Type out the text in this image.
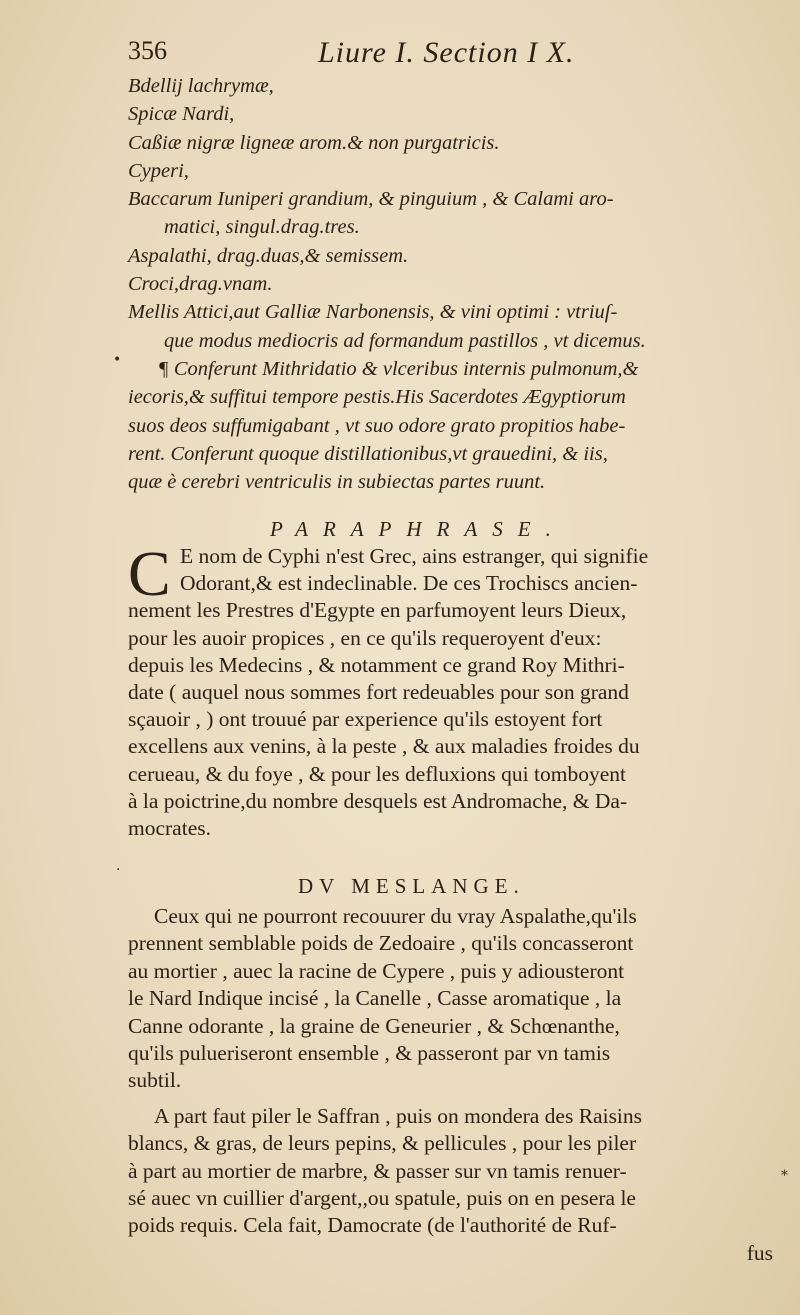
356	Liure I. Section I X.
Bdellij lachrymæ,
Spicæ Nardi,
Caßiæ nigræ ligneæ arom.& non purgatricis.
Cyperi,
Baccarum Iuniperi grandium, & pinguium , & Calami aro-
matici, singul.drag.tres.
Aspalathi, drag.duas,& semissem.
Croci,drag.vnam.
Mellis Attici,aut Galliæ Narbonensis, & vini optimi : vtriuſ-
que modus mediocris ad formandum pastillos , vt dicemus.
¶ Conferunt Mithridatio & vlceribus internis pulmonum,&
iecoris,& suffitui tempore pestis.His Sacerdotes Ægyptiorum
suos deos suffumigabant , vt suo odore grato propitios habe-
rent. Conferunt quoque distillationibus,vt grauedini, & iis,
quæ è cerebri ventriculis in subiectas partes ruunt.
PARAPHRASE.
C E nom de Cyphi n'est Grec, ains estranger, qui signifie
Odorant,& est indeclinable. De ces Trochiscs ancien-
nement les Prestres d'Egypte en parfumoyent leurs Dieux,
pour les auoir propices , en ce qu'ils requeroyent d'eux:
depuis les Medecins , & notamment ce grand Roy Mithri-
date ( auquel nous sommes fort redeuables pour son grand
sçauoir , ) ont trouué par experience qu'ils estoyent fort
excellens aux venins, à la peste , & aux maladies froides du
cerueau, & du foye , & pour les defluxions qui tomboyent
à la poictrine,du nombre desquels est Andromache, & Da-
mocrates.
DV MESLANGE.
Ceux qui ne pourront recouurer du vray Aspalathe,qu'ils
prennent semblable poids de Zedoaire , qu'ils concasseront
au mortier , auec la racine de Cypere , puis y adiousteront
le Nard Indique incisé , la Canelle , Casse aromatique , la
Canne odorante , la graine de Geneurier , & Schœnanthe,
qu'ils pulueriseront ensemble , & passeront par vn tamis
subtil.
A part faut piler le Saffran , puis on mondera des Raisins
blancs, & gras, de leurs pepins, & pellicules , pour les piler
à part au mortier de marbre, & passer sur vn tamis renuer-
sé auec vn cuillier d'argent,,ou spatule, puis on en pesera le
poids requis. Cela fait, Damocrate (de l'authorité de Ruf-
fus
•
·
*
